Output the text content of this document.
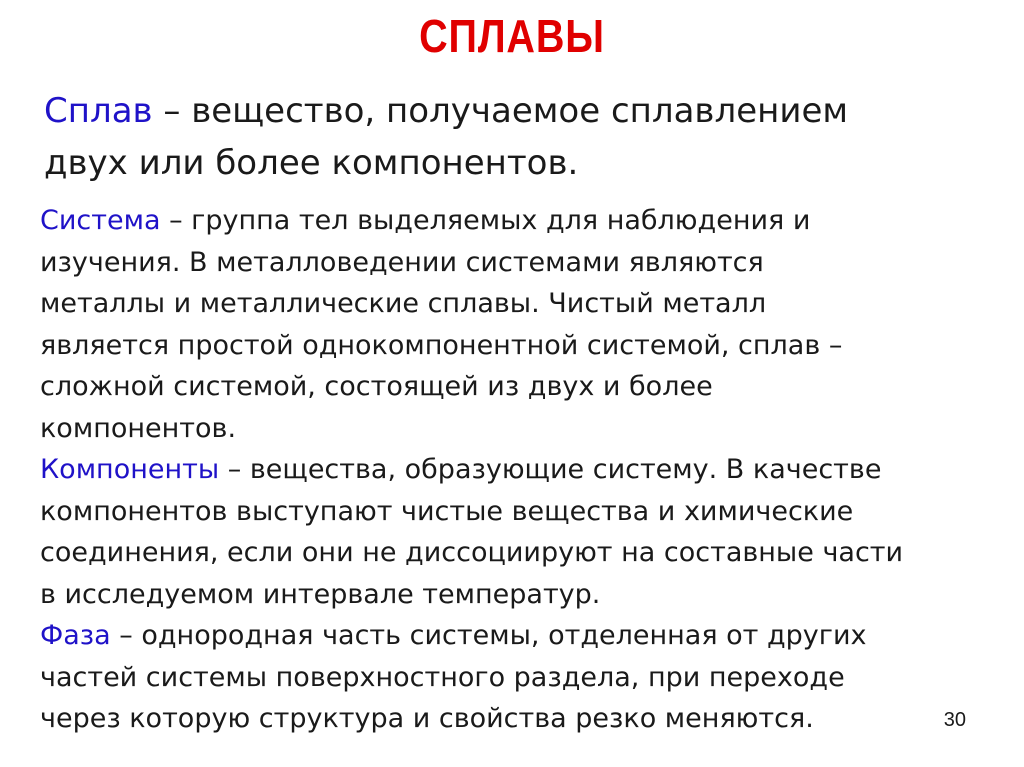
СПЛАВЫ
Сплав – вещество, получаемое сплавлением
двух или более компонентов.

Система – группа тел выделяемых для наблюдения и
изучения. В металловедении системами являются
металлы и металлические сплавы. Чистый металл
является простой однокомпонентной системой, сплав –
сложной системой, состоящей из двух и более
компонентов.

Компоненты – вещества, образующие систему. В качестве
компонентов выступают чистые вещества и химические
соединения, если они не диссоциируют на составные части
в исследуемом интервале температур.

Фаза – однородная часть системы, отделенная от других
частей системы поверхностного раздела, при переходе
через которую структура и свойства резко меняются.	30
